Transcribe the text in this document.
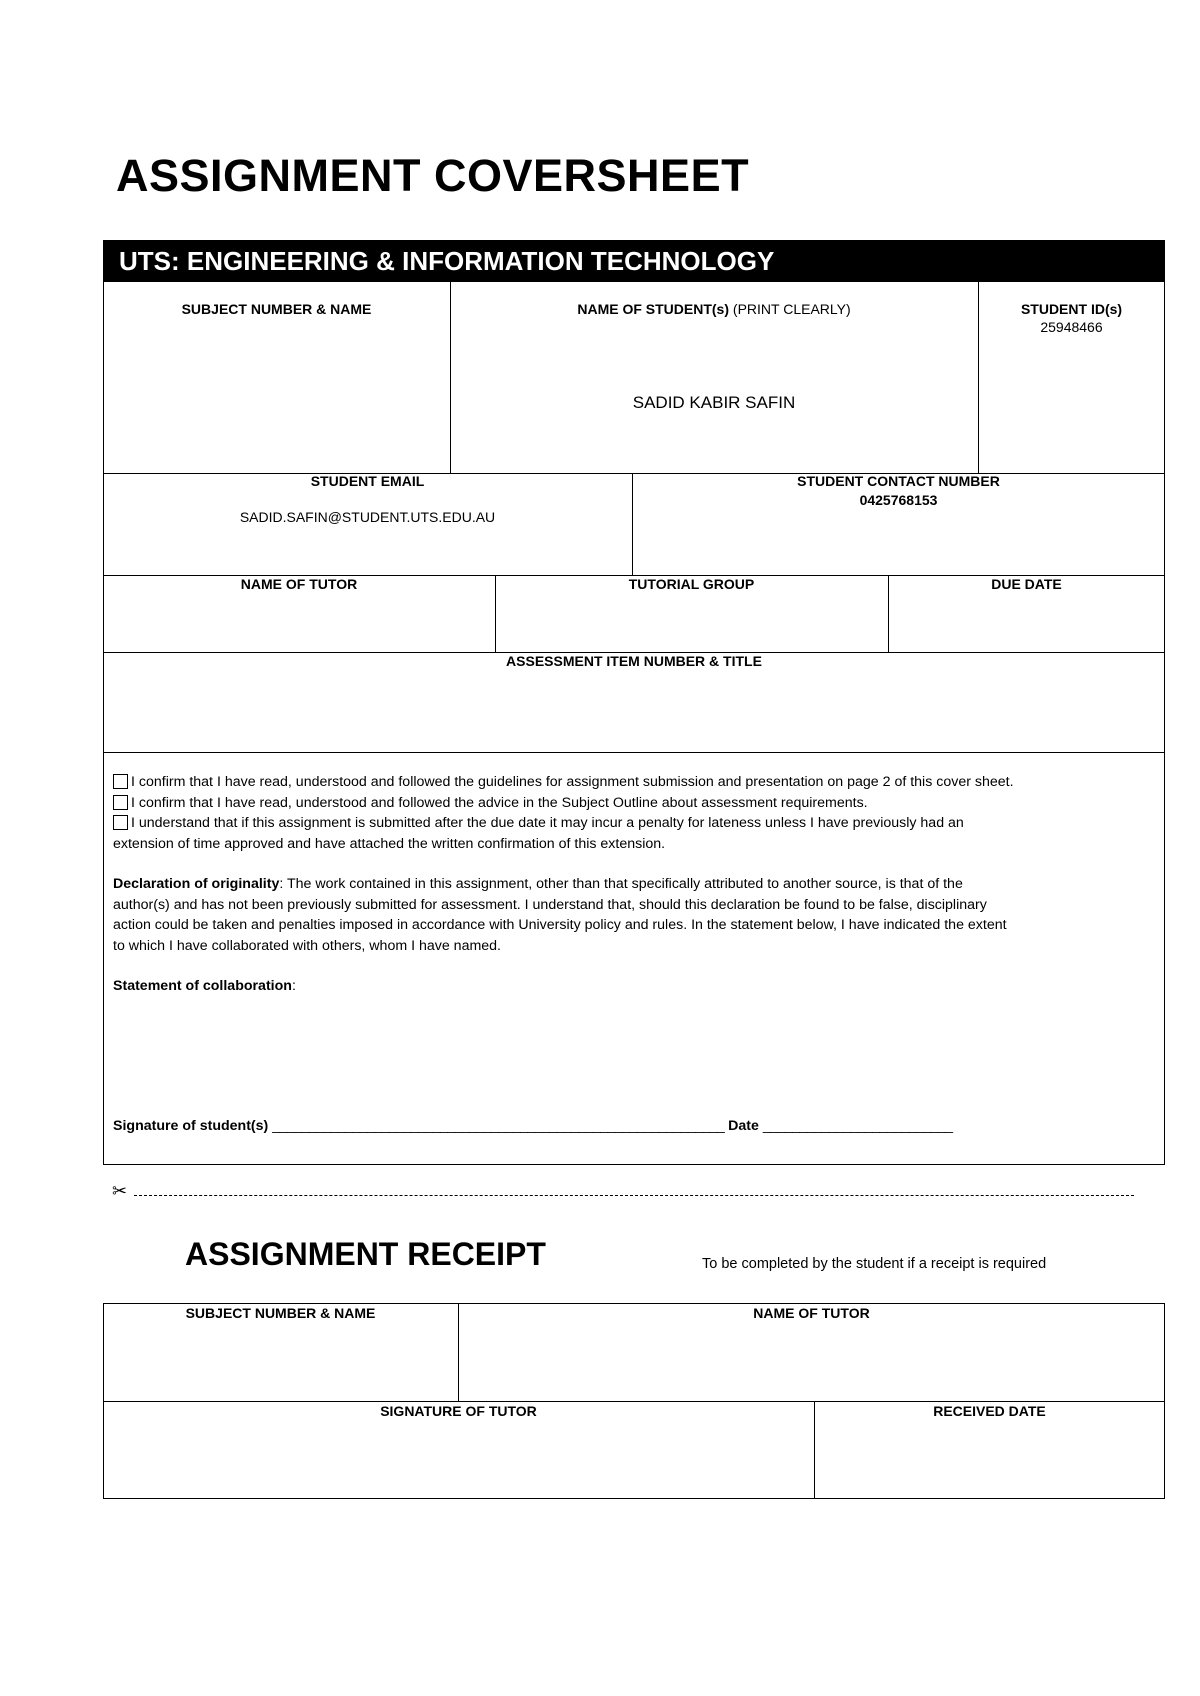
ASSIGNMENT COVERSHEET
UTS: ENGINEERING & INFORMATION TECHNOLOGY
SUBJECT NUMBER & NAME	NAME OF STUDENT(s) (PRINT CLEARLY)
SADID KABIR SAFIN
STUDENT ID(s)
25948466
STUDENT EMAIL
SADID.SAFIN@STUDENT.UTS.EDU.AU
STUDENT CONTACT NUMBER
0425768153
NAME OF TUTOR	TUTORIAL GROUP	DUE DATE
ASSESSMENT ITEM NUMBER & TITLE
I confirm that I have read, understood and followed the guidelines for assignment submission and presentation on page 2 of this cover sheet.
I confirm that I have read, understood and followed the advice in the Subject Outline about assessment requirements.
I understand that if this assignment is submitted after the due date it may incur a penalty for lateness unless I have previously had an
extension of time approved and have attached the written confirmation of this extension.
Declaration of originality: The work contained in this assignment, other than that specifically attributed to another source, is that of the
author(s) and has not been previously submitted for assessment. I understand that, should this declaration be found to be false, disciplinary
action could be taken and penalties imposed in accordance with University policy and rules. In the statement below, I have indicated the extent
to which I have collaborated with others, whom I have named.
Statement of collaboration:
Signature of student(s) ______________________________________________________________ Date __________________________
✂
ASSIGNMENT RECEIPT	To be completed by the student if a receipt is required
SUBJECT NUMBER & NAME	NAME OF TUTOR
SIGNATURE OF TUTOR	RECEIVED DATE
